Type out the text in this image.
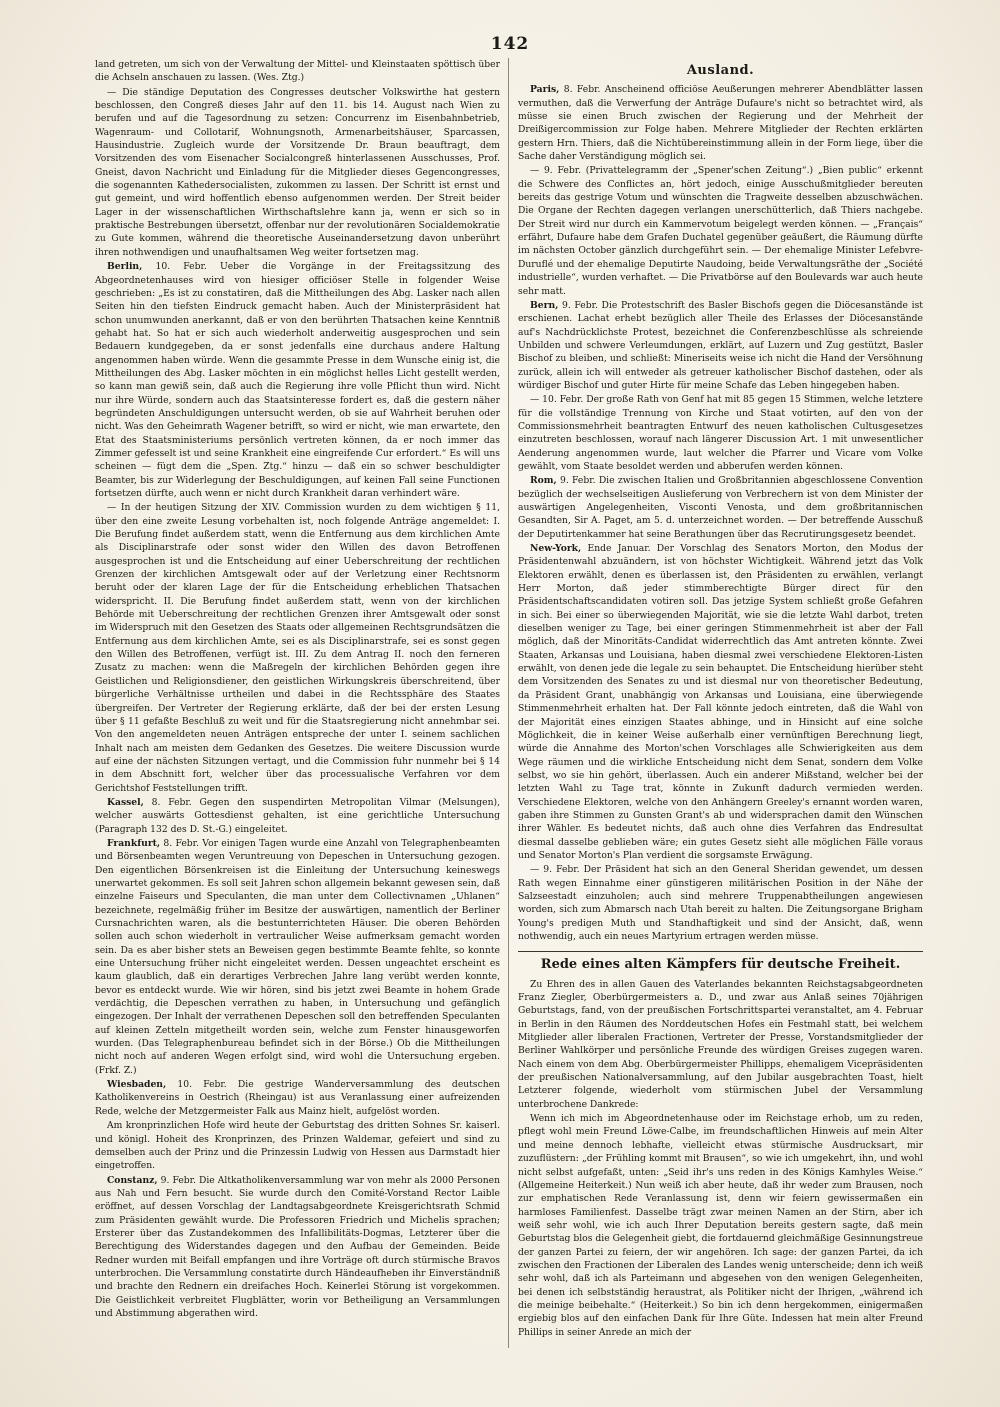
142

land getreten, um sich von der Verwaltung der Mittel- und Kleinstaaten spöttisch über die Achseln anschauen zu lassen. (Wes. Ztg.)

— Die ständige Deputation des Congresses deutscher Volkswirthe hat gestern beschlossen, den Congreß dieses Jahr auf den 11. bis 14. August nach Wien zu berufen und auf die Tagesordnung zu setzen: Concurrenz im Eisenbahnbetrieb, Wagenraum- und Collotarif, Wohnungsnoth, Armenarbeitshäuser, Sparcassen, Hausindustrie. Zugleich wurde der Vorsitzende Dr. Braun beauftragt, dem Vorsitzenden des vom Eisenacher Socialcongreß hinterlassenen Ausschusses, Prof. Gneist, davon Nachricht und Einladung für die Mitglieder dieses Gegencongresses, die sogenannten Kathedersocialisten, zukommen zu lassen. Der Schritt ist ernst und gut gemeint, und wird hoffentlich ebenso aufgenommen werden. Der Streit beider Lager in der wissenschaftlichen Wirthschaftslehre kann ja, wenn er sich so in praktische Bestrebungen übersetzt, offenbar nur der revolutionären Socialdemokratie zu Gute kommen, während die theoretische Auseinandersetzung davon unberührt ihren nothwendigen und unaufhaltsamen Weg weiter fortsetzen mag.

Berlin, 10. Febr. Ueber die Vorgänge in der Freitagssitzung des Abgeordnetenhauses wird von hiesiger officiöser Stelle in folgender Weise geschrieben: „Es ist zu constatiren, daß die Mittheilungen des Abg. Lasker nach allen Seiten hin den tiefsten Eindruck gemacht haben. Auch der Ministerpräsident hat schon unumwunden anerkannt, daß er von den berührten Thatsachen keine Kenntniß gehabt hat. So hat er sich auch wiederholt anderweitig ausgesprochen und sein Bedauern kundgegeben, da er sonst jedenfalls eine durchaus andere Haltung angenommen haben würde. Wenn die gesammte Presse in dem Wunsche einig ist, die Mittheilungen des Abg. Lasker möchten in ein möglichst helles Licht gestellt werden, so kann man gewiß sein, daß auch die Regierung ihre volle Pflicht thun wird. Nicht nur ihre Würde, sondern auch das Staatsinteresse fordert es, daß die gestern näher begründeten Anschuldigungen untersucht werden, ob sie auf Wahrheit beruhen oder nicht. Was den Geheimrath Wagener betrifft, so wird er nicht, wie man erwartete, den Etat des Staatsministeriums persönlich vertreten können, da er noch immer das Zimmer gefesselt ist und seine Krankheit eine eingreifende Cur erfordert.“ Es will uns scheinen — fügt dem die „Spen. Ztg.“ hinzu — daß ein so schwer beschuldigter Beamter, bis zur Widerlegung der Beschuldigungen, auf keinen Fall seine Functionen fortsetzen dürfte, auch wenn er nicht durch Krankheit daran verhindert wäre.

— In der heutigen Sitzung der XIV. Commission wurden zu dem wichtigen § 11, über den eine zweite Lesung vorbehalten ist, noch folgende Anträge angemeldet: I. Die Berufung findet außerdem statt, wenn die Entfernung aus dem kirchlichen Amte als Disciplinarstrafe oder sonst wider den Willen des davon Betroffenen ausgesprochen ist und die Entscheidung auf einer Ueberschreitung der rechtlichen Grenzen der kirchlichen Amtsgewalt oder auf der Verletzung einer Rechtsnorm beruht oder der klaren Lage der für die Entscheidung erheblichen Thatsachen widerspricht. II. Die Berufung findet außerdem statt, wenn von der kirchlichen Behörde mit Ueberschreitung der rechtlichen Grenzen ihrer Amtsgewalt oder sonst im Widerspruch mit den Gesetzen des Staats oder allgemeinen Rechtsgrundsätzen die Entfernung aus dem kirchlichen Amte, sei es als Disciplinarstrafe, sei es sonst gegen den Willen des Betroffenen, verfügt ist. III. Zu dem Antrag II. noch den ferneren Zusatz zu machen: wenn die Maßregeln der kirchlichen Behörden gegen ihre Geistlichen und Religionsdiener, den geistlichen Wirkungskreis überschreitend, über bürgerliche Verhältnisse urtheilen und dabei in die Rechtssphäre des Staates übergreifen. Der Vertreter der Regierung erklärte, daß der bei der ersten Lesung über § 11 gefaßte Beschluß zu weit und für die Staatsregierung nicht annehmbar sei. Von den angemeldeten neuen Anträgen entspreche der unter I. seinem sachlichen Inhalt nach am meisten dem Gedanken des Gesetzes. Die weitere Discussion wurde auf eine der nächsten Sitzungen vertagt, und die Commission fuhr nunmehr bei § 14 in dem Abschnitt fort, welcher über das processualische Verfahren vor dem Gerichtshof Feststellungen trifft.

Kassel, 8. Febr. Gegen den suspendirten Metropolitan Vilmar (Melsungen), welcher auswärts Gottesdienst gehalten, ist eine gerichtliche Untersuchung (Paragraph 132 des D. St.-G.) eingeleitet.

Frankfurt, 8. Febr. Vor einigen Tagen wurde eine Anzahl von Telegraphenbeamten und Börsenbeamten wegen Veruntreuung von Depeschen in Untersuchung gezogen. Den eigentlichen Börsenkreisen ist die Einleitung der Untersuchung keineswegs unerwartet gekommen. Es soll seit Jahren schon allgemein bekannt gewesen sein, daß einzelne Faiseurs und Speculanten, die man unter dem Collectivnamen „Uhlanen“ bezeichnete, regelmäßig früher im Besitze der auswärtigen, namentlich der Berliner Cursnachrichten waren, als die bestunterrichteten Häuser. Die oberen Behörden sollen auch schon wiederholt in vertraulicher Weise aufmerksam gemacht worden sein. Da es aber bisher stets an Beweisen gegen bestimmte Beamte fehlte, so konnte eine Untersuchung früher nicht eingeleitet werden. Dessen ungeachtet erscheint es kaum glaublich, daß ein derartiges Verbrechen Jahre lang verübt werden konnte, bevor es entdeckt wurde. Wie wir hören, sind bis jetzt zwei Beamte in hohem Grade verdächtig, die Depeschen verrathen zu haben, in Untersuchung und gefänglich eingezogen. Der Inhalt der verrathenen Depeschen soll den betreffenden Speculanten auf kleinen Zetteln mitgetheilt worden sein, welche zum Fenster hinausgeworfen wurden. (Das Telegraphenbureau befindet sich in der Börse.) Ob die Mittheilungen nicht noch auf anderen Wegen erfolgt sind, wird wohl die Untersuchung ergeben. (Frkf. Z.)

Wiesbaden, 10. Febr. Die gestrige Wanderversammlung des deutschen Katholikenvereins in Oestrich (Rheingau) ist aus Veranlassung einer aufreizenden Rede, welche der Metzgermeister Falk aus Mainz hielt, aufgelöst worden.

Am kronprinzlichen Hofe wird heute der Geburtstag des dritten Sohnes Sr. kaiserl. und königl. Hoheit des Kronprinzen, des Prinzen Waldemar, gefeiert und sind zu demselben auch der Prinz und die Prinzessin Ludwig von Hessen aus Darmstadt hier eingetroffen.

Constanz, 9. Febr. Die Altkatholikenversammlung war von mehr als 2000 Personen aus Nah und Fern besucht. Sie wurde durch den Comité-Vorstand Rector Laible eröffnet, auf dessen Vorschlag der Landtagsabgeordnete Kreisgerichtsrath Schmid zum Präsidenten gewählt wurde. Die Professoren Friedrich und Michelis sprachen; Ersterer über das Zustandekommen des Infallibilitäts-Dogmas, Letzterer über die Berechtigung des Widerstandes dagegen und den Aufbau der Gemeinden. Beide Redner wurden mit Beifall empfangen und ihre Vorträge oft durch stürmische Bravos unterbrochen. Die Versammlung constatirte durch Händeaufheben ihr Einverständniß und brachte den Rednern ein dreifaches Hoch. Keinerlei Störung ist vorgekommen. Die Geistlichkeit verbreitet Flugblätter, worin vor Betheiligung an Versammlungen und Abstimmung abgerathen wird.

Ausland.

Paris, 8. Febr. Anscheinend officiöse Aeußerungen mehrerer Abendblätter lassen vermuthen, daß die Verwerfung der Anträge Dufaure's nicht so betrachtet wird, als müsse sie einen Bruch zwischen der Regierung und der Mehrheit der Dreißigercommission zur Folge haben. Mehrere Mitglieder der Rechten erklärten gestern Hrn. Thiers, daß die Nichtübereinstimmung allein in der Form liege, über die Sache daher Verständigung möglich sei.

— 9. Febr. (Privattelegramm der „Spener'schen Zeitung“.) „Bien public“ erkennt die Schwere des Conflictes an, hört jedoch, einige Ausschußmitglieder bereuten bereits das gestrige Votum und wünschten die Tragweite desselben abzuschwächen. Die Organe der Rechten dagegen verlangen unerschütterlich, daß Thiers nachgebe. Der Streit wird nur durch ein Kammervotum beigelegt werden können. — „Français“ erfährt, Dufaure habe dem Grafen Duchatel gegenüber geäußert, die Räumung dürfte im nächsten October gänzlich durchgeführt sein. — Der ehemalige Minister Lefebvre-Duruflé und der ehemalige Deputirte Naudoing, beide Verwaltungsräthe der „Société industrielle“, wurden verhaftet. — Die Privatbörse auf den Boulevards war auch heute sehr matt.

Bern, 9. Febr. Die Protestschrift des Basler Bischofs gegen die Diöcesanstände ist erschienen. Lachat erhebt bezüglich aller Theile des Erlasses der Diöcesanstände auf's Nachdrücklichste Protest, bezeichnet die Conferenzbeschlüsse als schreiende Unbilden und schwere Verleumdungen, erklärt, auf Luzern und Zug gestützt, Basler Bischof zu bleiben, und schließt: Mineriseits weise ich nicht die Hand der Versöhnung zurück, allein ich will entweder als getreuer katholischer Bischof dastehen, oder als würdiger Bischof und guter Hirte für meine Schafe das Leben hingegeben haben.

— 10. Febr. Der große Rath von Genf hat mit 85 gegen 15 Stimmen, welche letztere für die vollständige Trennung von Kirche und Staat votirten, auf den von der Commissionsmehrheit beantragten Entwurf des neuen katholischen Cultusgesetzes einzutreten beschlossen, worauf nach längerer Discussion Art. 1 mit unwesentlicher Aenderung angenommen wurde, laut welcher die Pfarrer und Vicare vom Volke gewählt, vom Staate besoldet werden und abberufen werden können.

Rom, 9. Febr. Die zwischen Italien und Großbritannien abgeschlossene Convention bezüglich der wechselseitigen Auslieferung von Verbrechern ist von dem Minister der auswärtigen Angelegenheiten, Visconti Venosta, und dem großbritannischen Gesandten, Sir A. Paget, am 5. d. unterzeichnet worden. — Der betreffende Ausschuß der Deputirtenkammer hat seine Berathungen über das Recrutirungsgesetz beendet.

New-York, Ende Januar. Der Vorschlag des Senators Morton, den Modus der Präsidentenwahl abzuändern, ist von höchster Wichtigkeit. Während jetzt das Volk Elektoren erwählt, denen es überlassen ist, den Präsidenten zu erwählen, verlangt Herr Morton, daß jeder stimmberechtigte Bürger direct für den Präsidentschaftscandidaten votiren soll. Das jetzige System schließt große Gefahren in sich. Bei einer so überwiegenden Majorität, wie sie die letzte Wahl darbot, treten dieselben weniger zu Tage, bei einer geringen Stimmenmehrheit ist aber der Fall möglich, daß der Minoritäts-Candidat widerrechtlich das Amt antreten könnte. Zwei Staaten, Arkansas und Louisiana, haben diesmal zwei verschiedene Elektoren-Listen erwählt, von denen jede die legale zu sein behauptet. Die Entscheidung hierüber steht dem Vorsitzenden des Senates zu und ist diesmal nur von theoretischer Bedeutung, da Präsident Grant, unabhängig von Arkansas und Louisiana, eine überwiegende Stimmenmehrheit erhalten hat. Der Fall könnte jedoch eintreten, daß die Wahl von der Majorität eines einzigen Staates abhinge, und in Hinsicht auf eine solche Möglichkeit, die in keiner Weise außerhalb einer vernünftigen Berechnung liegt, würde die Annahme des Morton'schen Vorschlages alle Schwierigkeiten aus dem Wege räumen und die wirkliche Entscheidung nicht dem Senat, sondern dem Volke selbst, wo sie hin gehört, überlassen. Auch ein anderer Mißstand, welcher bei der letzten Wahl zu Tage trat, könnte in Zukunft dadurch vermieden werden. Verschiedene Elektoren, welche von den Anhängern Greeley's ernannt worden waren, gaben ihre Stimmen zu Gunsten Grant's ab und widersprachen damit den Wünschen ihrer Wähler. Es bedeutet nichts, daß auch ohne dies Verfahren das Endresultat diesmal dasselbe geblieben wäre; ein gutes Gesetz sieht alle möglichen Fälle voraus und Senator Morton's Plan verdient die sorgsamste Erwägung.

— 9. Febr. Der Präsident hat sich an den General Sheridan gewendet, um dessen Rath wegen Einnahme einer günstigeren militärischen Position in der Nähe der Salzseestadt einzuholen; auch sind mehrere Truppenabtheilungen angewiesen worden, sich zum Abmarsch nach Utah bereit zu halten. Die Zeitungsorgane Brigham Young's predigen Muth und Standhaftigkeit und sind der Ansicht, daß, wenn nothwendig, auch ein neues Martyrium ertragen werden müsse.

Rede eines alten Kämpfers für deutsche Freiheit.

Zu Ehren des in allen Gauen des Vaterlandes bekannten Reichstagsabgeordneten Franz Ziegler, Oberbürgermeisters a. D., und zwar aus Anlaß seines 70jährigen Geburtstags, fand, von der preußischen Fortschrittspartei veranstaltet, am 4. Februar in Berlin in den Räumen des Norddeutschen Hofes ein Festmahl statt, bei welchem Mitglieder aller liberalen Fractionen, Vertreter der Presse, Vorstandsmitglieder der Berliner Wahlkörper und persönliche Freunde des würdigen Greises zugegen waren. Nach einem von dem Abg. Oberbürgermeister Phillipps, ehemaligem Vicepräsidenten der preußischen Nationalversammlung, auf den Jubilar ausgebrachten Toast, hielt Letzterer folgende, wiederholt vom stürmischen Jubel der Versammlung unterbrochene Dankrede:

Wenn ich mich im Abgeordnetenhause oder im Reichstage erhob, um zu reden, pflegt wohl mein Freund Löwe-Calbe, im freundschaftlichen Hinweis auf mein Alter und meine dennoch lebhafte, vielleicht etwas stürmische Ausdrucksart, mir zuzuflüstern: „der Frühling kommt mit Brausen“, so wie ich umgekehrt, ihn, und wohl nicht selbst aufgefaßt, unten: „Seid ihr's uns reden in des Königs Kamhyles Weise.“ (Allgemeine Heiterkeit.) Nun weiß ich aber heute, daß ihr weder zum Brausen, noch zur emphatischen Rede Veranlassung ist, denn wir feiern gewissermaßen ein harmloses Familienfest. Dasselbe trägt zwar meinen Namen an der Stirn, aber ich weiß sehr wohl, wie ich auch Ihrer Deputation bereits gestern sagte, daß mein Geburtstag blos die Gelegenheit giebt, die fortdauernd gleichmäßige Gesinnungstreue der ganzen Partei zu feiern, der wir angehören. Ich sage: der ganzen Partei, da ich zwischen den Fractionen der Liberalen des Landes wenig unterscheide; denn ich weiß sehr wohl, daß ich als Parteimann und abgesehen von den wenigen Gelegenheiten, bei denen ich selbstständig heraustrat, als Politiker nicht der Ihrigen, „während ich die meinige beibehalte.“ (Heiterkeit.) So bin ich denn hergekommen, einigermaßen ergiebig blos auf den einfachen Dank für Ihre Güte. Indessen hat mein alter Freund Phillips in seiner Anrede an mich der
